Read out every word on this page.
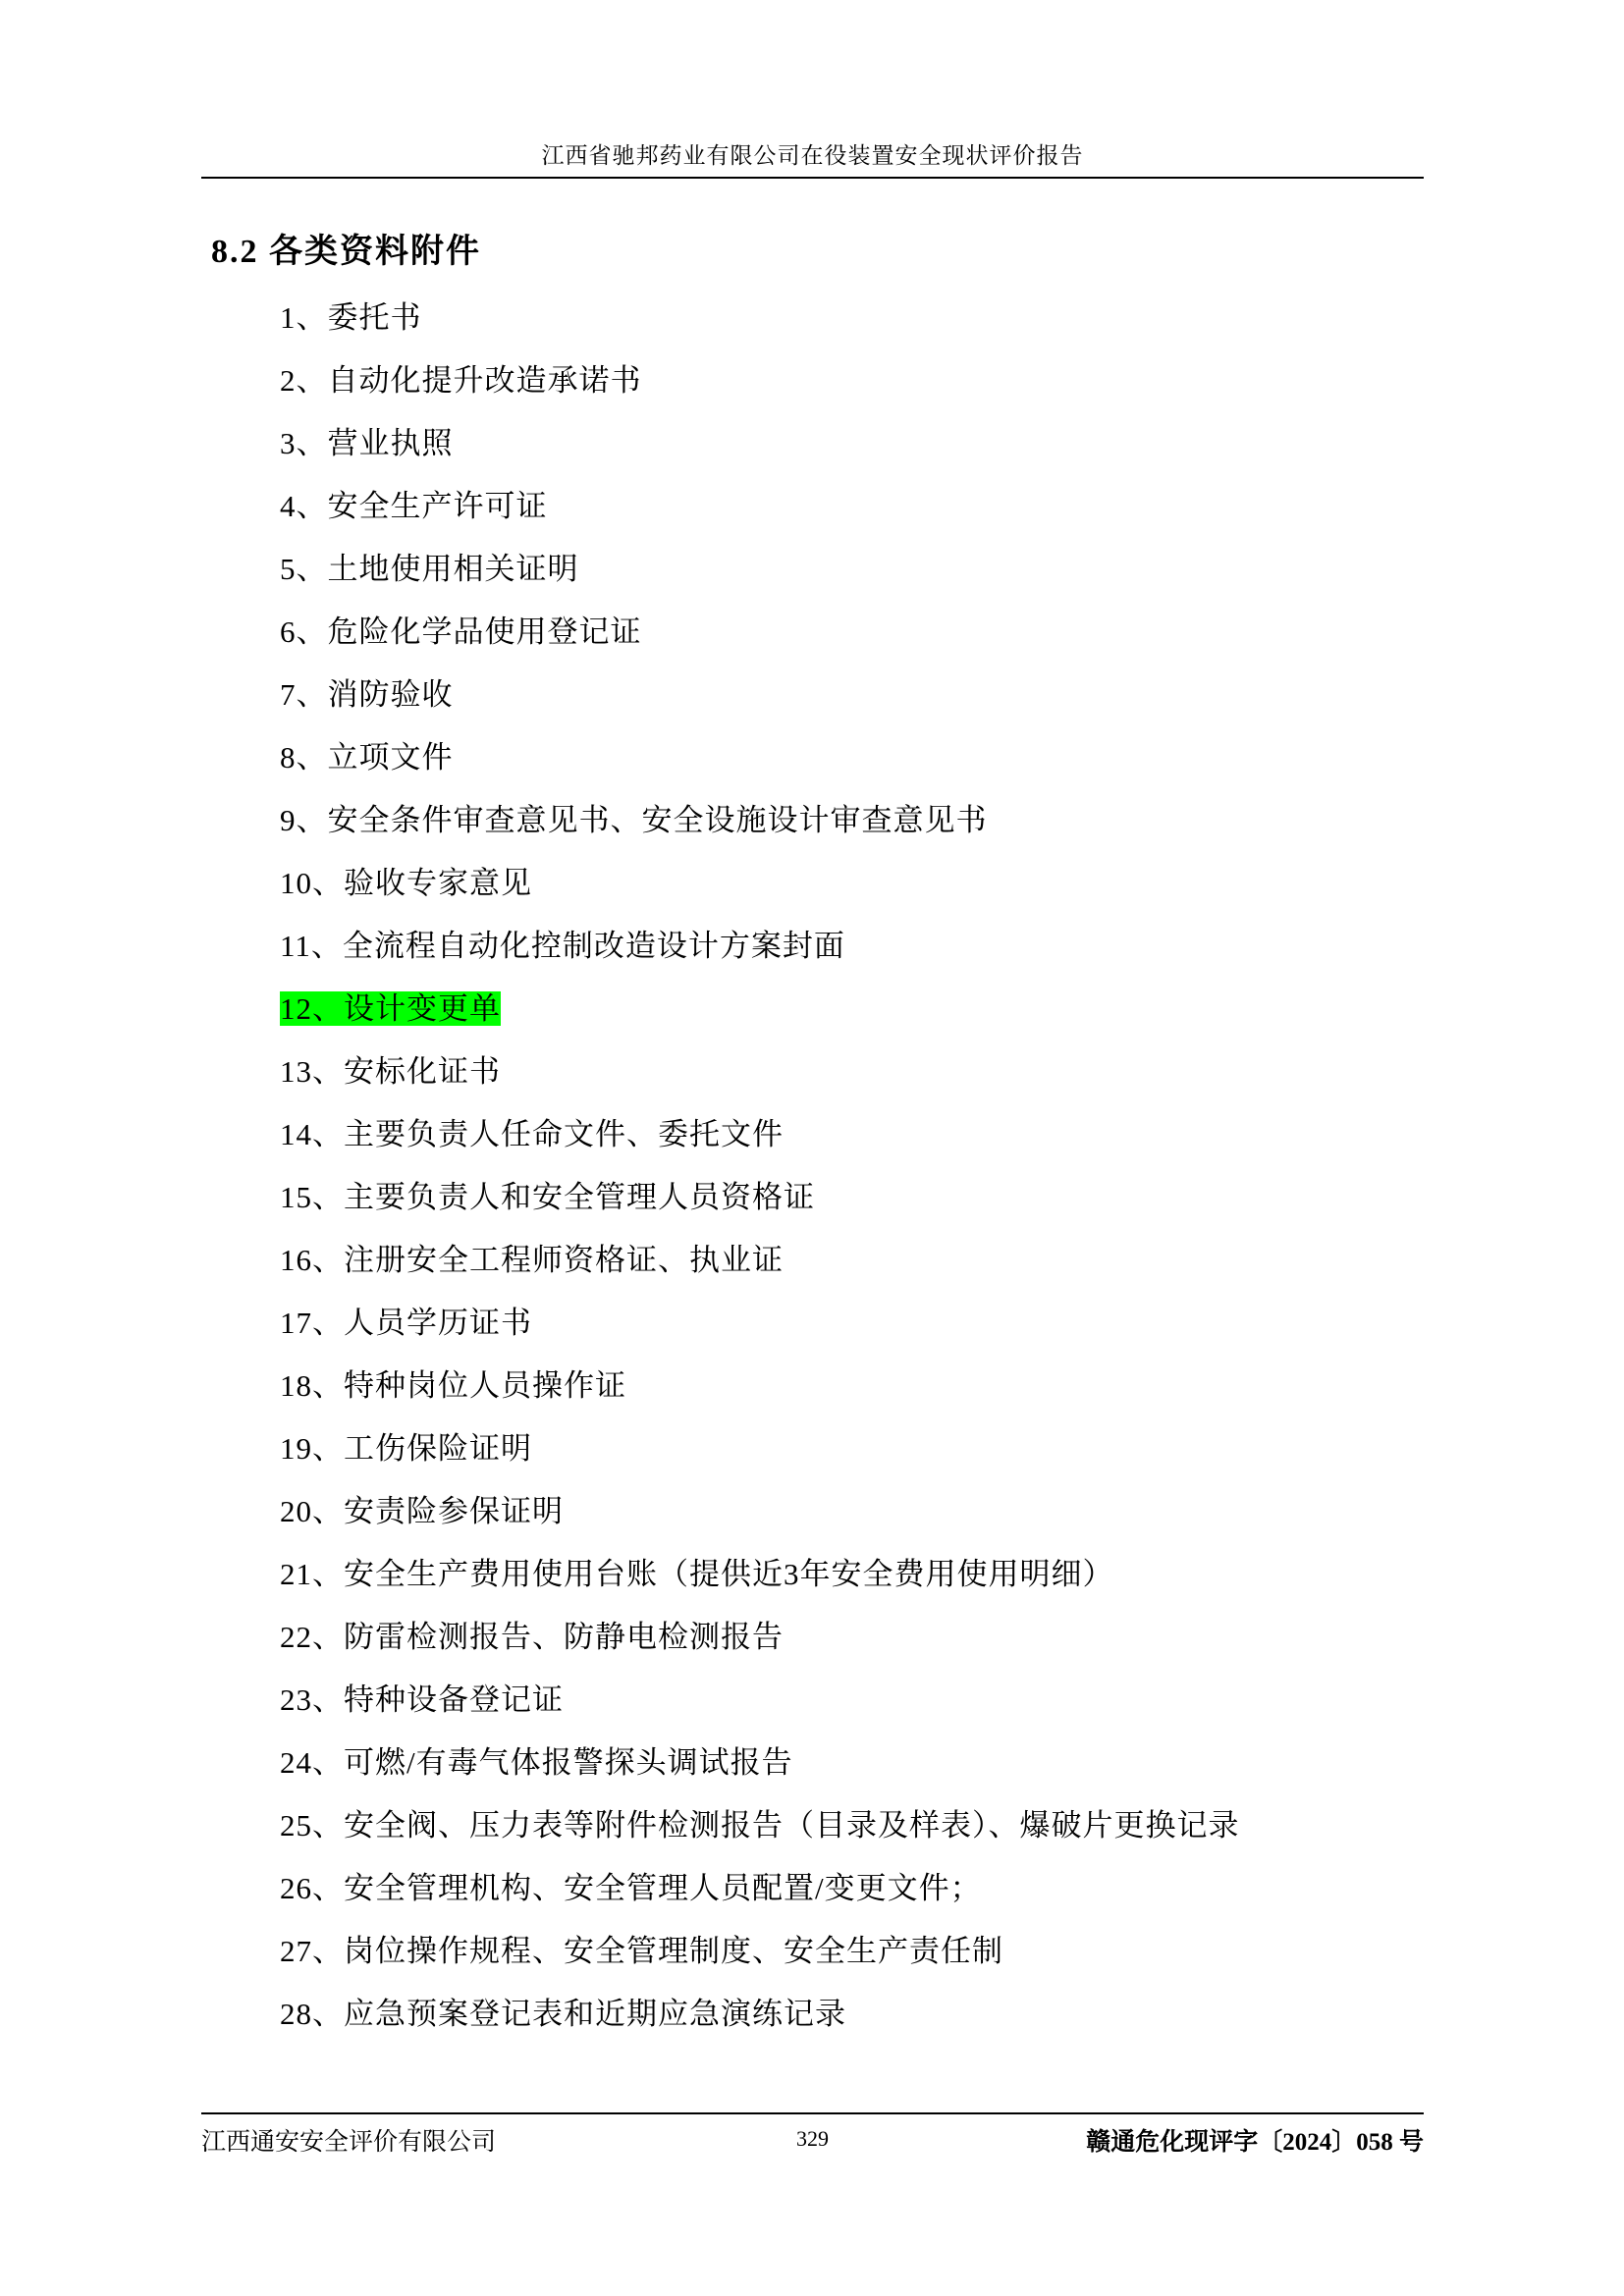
江西省驰邦药业有限公司在役装置安全现状评价报告
8.2 各类资料附件
1、委托书
2、自动化提升改造承诺书
3、营业执照
4、安全生产许可证
5、土地使用相关证明
6、危险化学品使用登记证
7、消防验收
8、立项文件
9、安全条件审查意见书、安全设施设计审查意见书
10、验收专家意见
11、全流程自动化控制改造设计方案封面
12、设计变更单
13、安标化证书
14、主要负责人任命文件、委托文件
15、主要负责人和安全管理人员资格证
16、注册安全工程师资格证、执业证
17、人员学历证书
18、特种岗位人员操作证
19、工伤保险证明
20、安责险参保证明
21、安全生产费用使用台账（提供近3年安全费用使用明细）
22、防雷检测报告、防静电检测报告
23、特种设备登记证
24、可燃/有毒气体报警探头调试报告
25、安全阀、压力表等附件检测报告（目录及样表）、爆破片更换记录
26、安全管理机构、安全管理人员配置/变更文件；
27、岗位操作规程、安全管理制度、安全生产责任制
28、应急预案登记表和近期应急演练记录
江西通安安全评价有限公司	329	赣通危化现评字〔2024〕058 号
